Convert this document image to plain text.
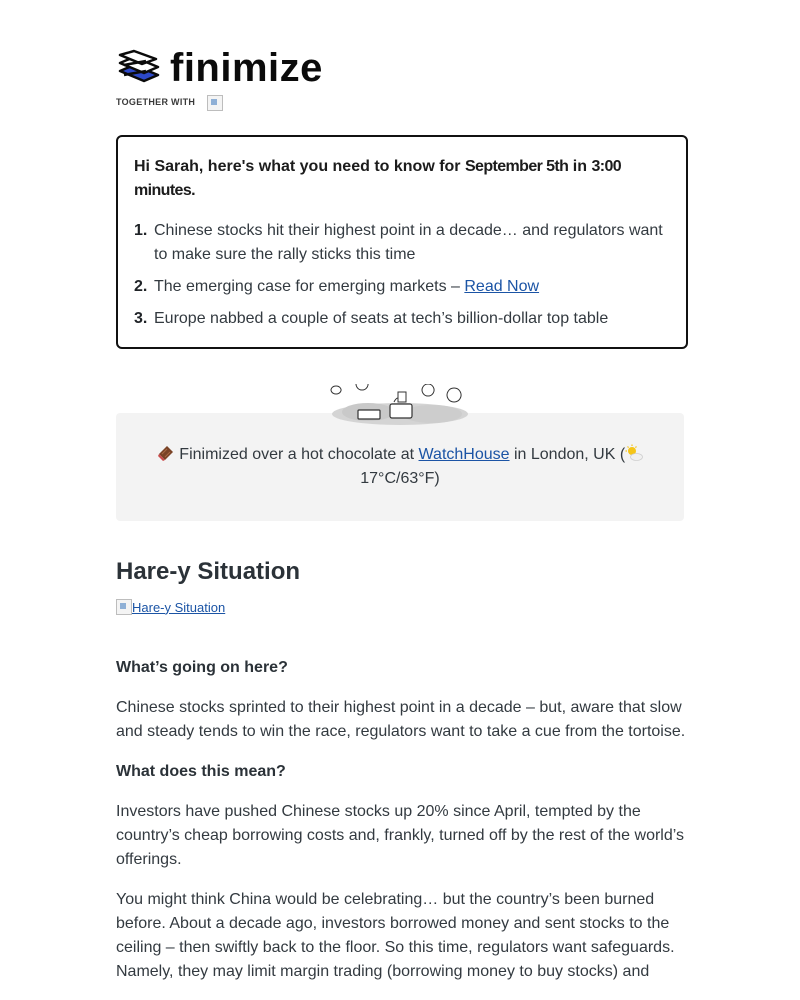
finimize
TOGETHER WITH

Hi Sarah, here's what you need to know for September 5th in 3:00 minutes.

1. Chinese stocks hit their highest point in a decade… and regulators want to make sure the rally sticks this time
2. The emerging case for emerging markets – Read Now
3. Europe nabbed a couple of seats at tech’s billion-dollar top table
Finimized over a hot chocolate at WatchHouse in London, UK (
17°C/63°F)
Hare-y Situation
Hare-y Situation

What’s going on here?

Chinese stocks sprinted to their highest point in a decade – but, aware that slow and steady tends to win the race, regulators want to take a cue from the tortoise.

What does this mean?

Investors have pushed Chinese stocks up 20% since April, tempted by the country’s cheap borrowing costs and, frankly, turned off by the rest of the world’s offerings.

You might think China would be celebrating… but the country’s been burned before. About a decade ago, investors borrowed money and sent stocks to the ceiling – then swiftly back to the floor. So this time, regulators want safeguards. Namely, they may limit margin trading (borrowing money to buy stocks) and
